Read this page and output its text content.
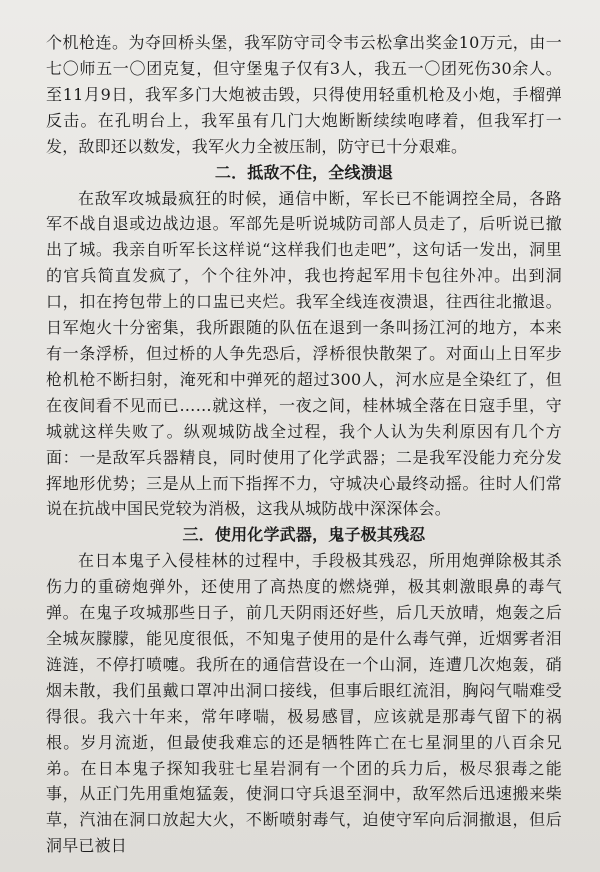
个机枪连。为夺回桥头堡，我军防守司令韦云松拿出奖金10万元，由一七〇师五一〇团克复，但守堡鬼子仅有3人，我五一〇团死伤30余人。至11月9日，我军多门大炮被击毁，只得使用轻重机枪及小炮，手榴弹反击。在孔明台上，我军虽有几门大炮断断续续咆哮着，但我军打一发，敌即还以数发，我军火力全被压制，防守已十分艰难。

二．抵敌不住，全线溃退

在敌军攻城最疯狂的时候，通信中断，军长已不能调控全局，各路军不战自退或边战边退。军部先是听说城防司部人员走了，后听说已撤出了城。我亲自听军长这样说“这样我们也走吧”，这句话一发出，洞里的官兵简直发疯了，个个往外冲，我也挎起军用卡包往外冲。出到洞口，扣在挎包带上的口盅已夹烂。我军全线连夜溃退，往西往北撤退。日军炮火十分密集，我所跟随的队伍在退到一条叫扬江河的地方，本来有一条浮桥，但过桥的人争先恐后，浮桥很快散架了。对面山上日军步枪机枪不断扫射，淹死和中弹死的超过300人，河水应是全染红了，但在夜间看不见而已……就这样，一夜之间，桂林城全落在日寇手里，守城就这样失败了。纵观城防战全过程，我个人认为失利原因有几个方面：一是敌军兵器精良，同时使用了化学武器；二是我军没能力充分发挥地形优势；三是从上而下指挥不力，守城决心最终动摇。往时人们常说在抗战中国民党较为消极，这我从城防战中深深体会。

三．使用化学武器，鬼子极其残忍

在日本鬼子入侵桂林的过程中，手段极其残忍，所用炮弹除极其杀伤力的重磅炮弹外，还使用了高热度的燃烧弹，极其刺激眼鼻的毒气弹。在鬼子攻城那些日子，前几天阴雨还好些，后几天放晴，炮轰之后全城灰朦朦，能见度很低，不知鬼子使用的是什么毒气弹，近烟雾者泪涟涟，不停打喷嚏。我所在的通信营设在一个山洞，连遭几次炮轰，硝烟未散，我们虽戴口罩冲出洞口接线，但事后眼红流泪，胸闷气喘难受得很。我六十年来，常年哮喘，极易感冒，应该就是那毒气留下的祸根。岁月流逝，但最使我难忘的还是牺牲阵亡在七星洞里的八百余兄弟。在日本鬼子探知我驻七星岩洞有一个团的兵力后，极尽狠毒之能事，从正门先用重炮猛轰，使洞口守兵退至洞中，敌军然后迅速搬来柴草，汽油在洞口放起大火，不断喷射毒气，迫使守军向后洞撤退，但后洞早已被日
